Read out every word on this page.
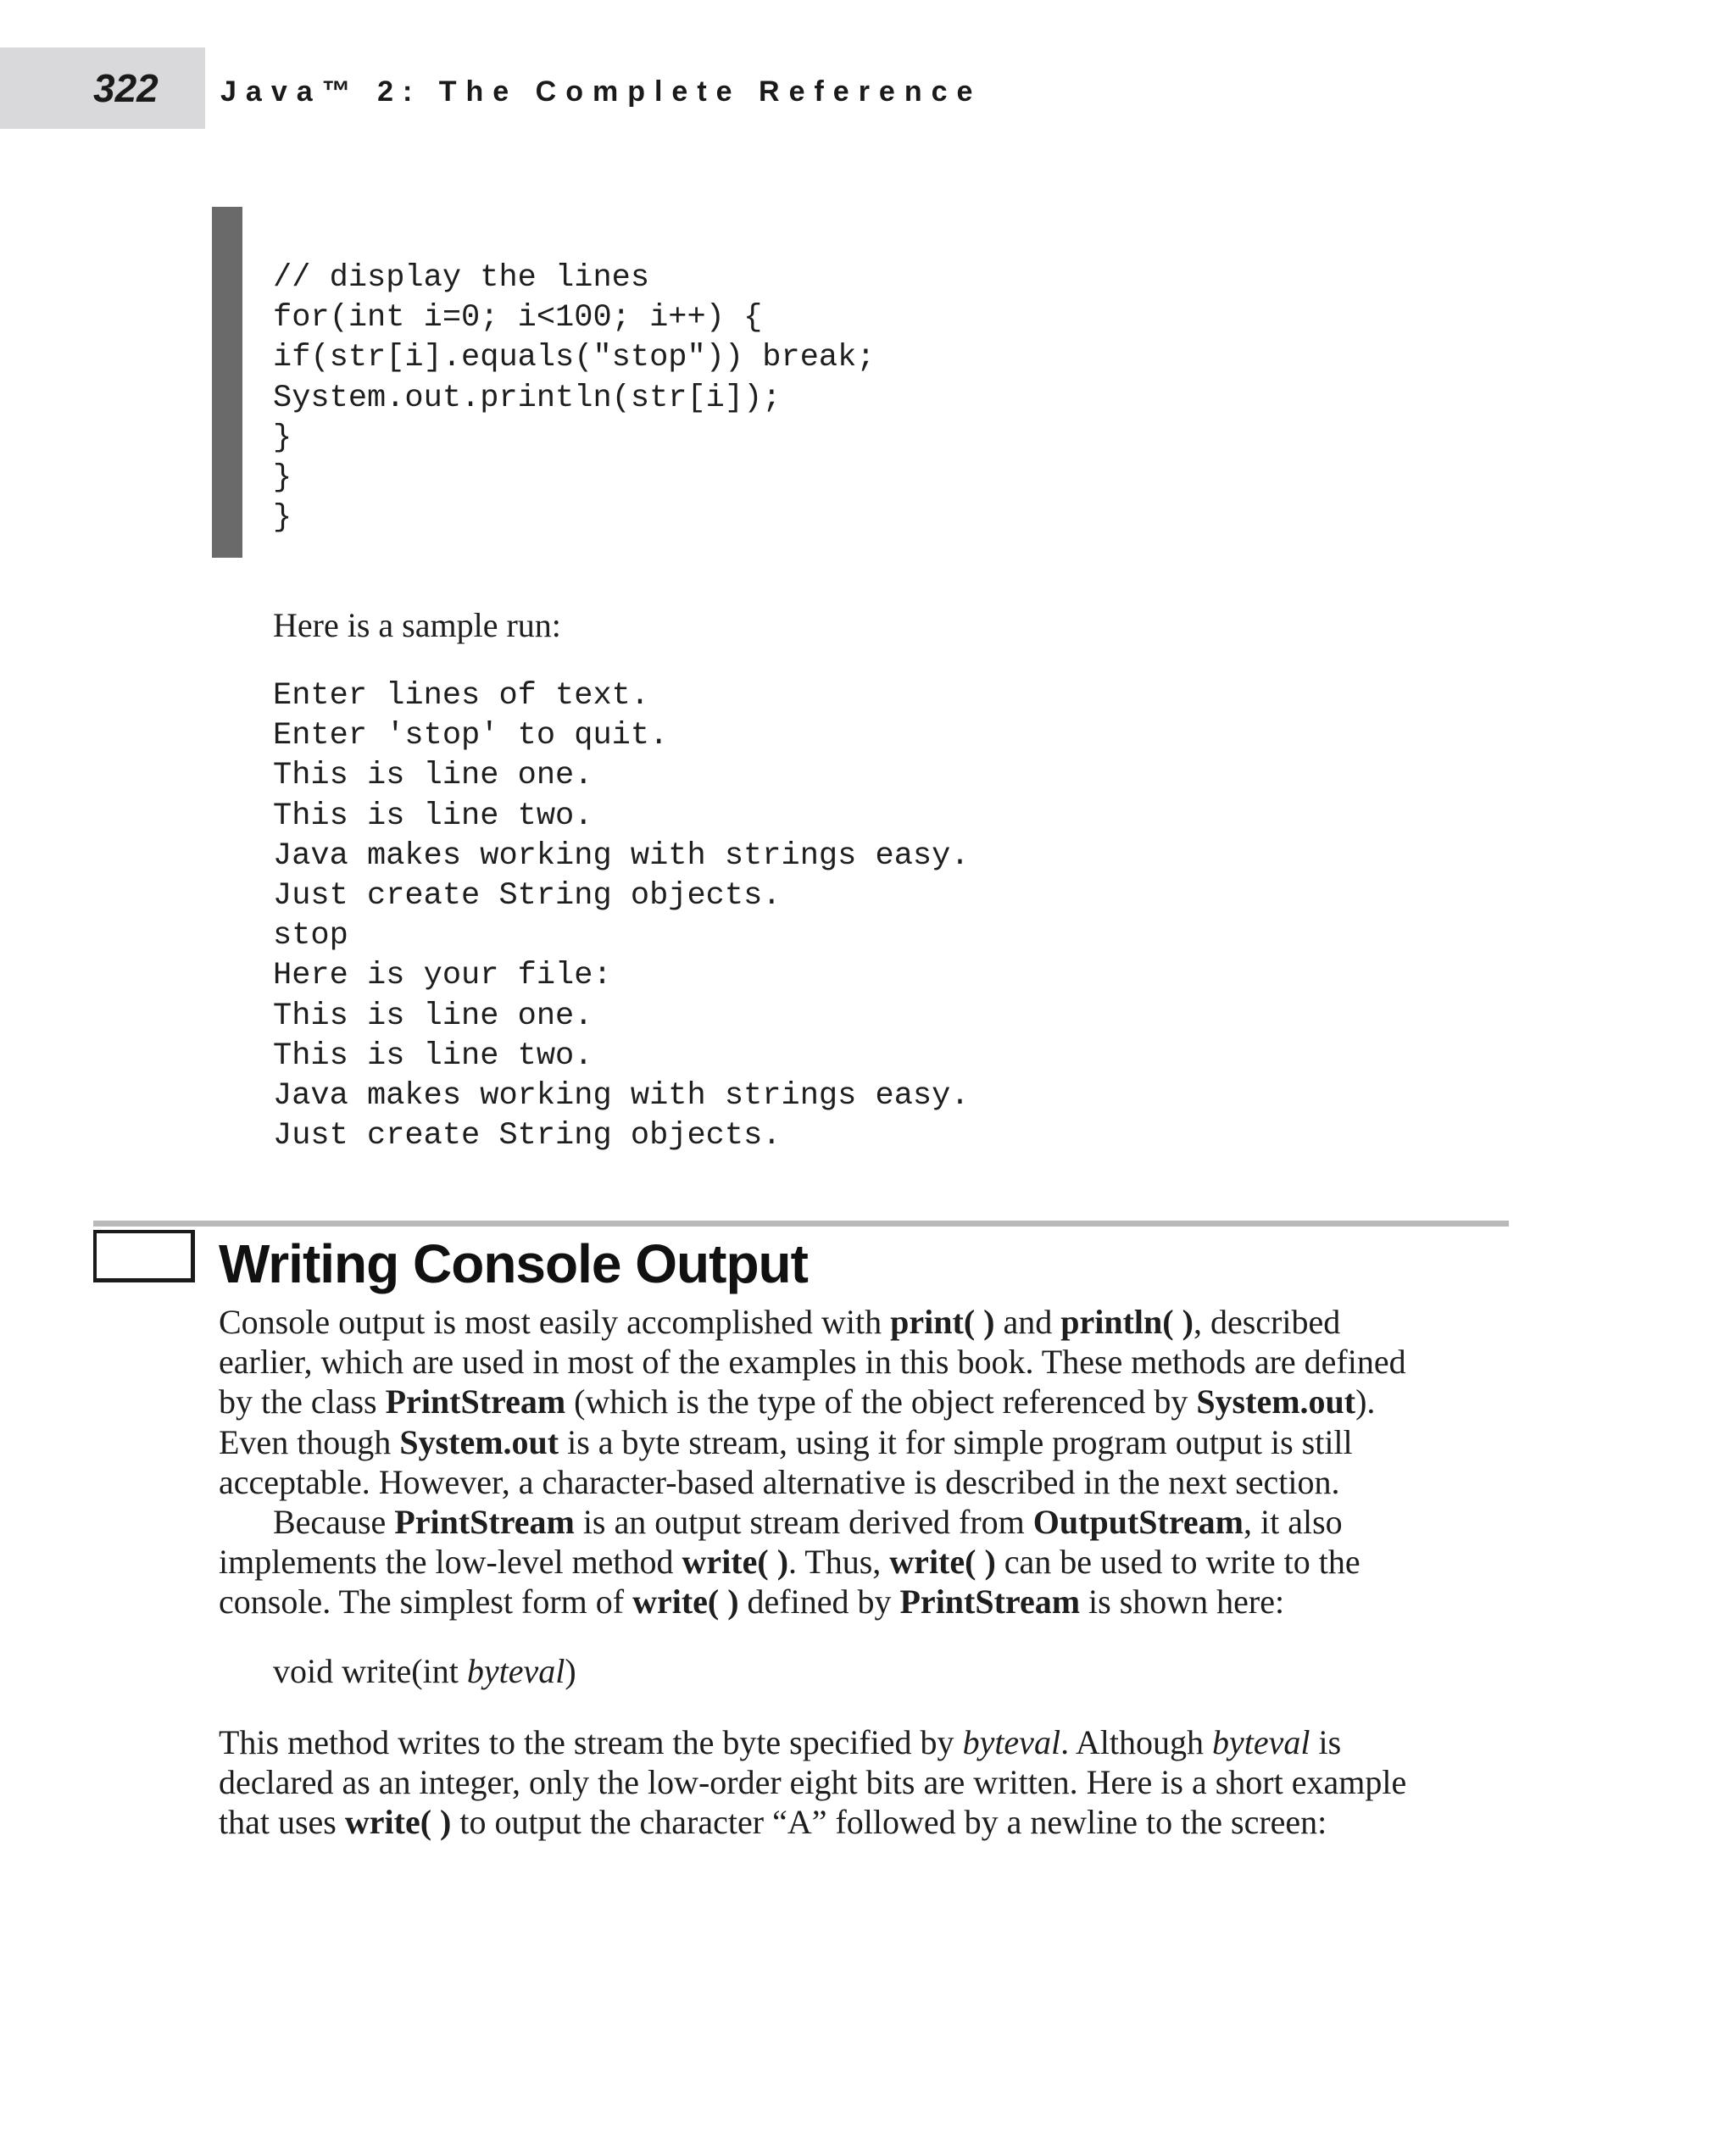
322 Java™ 2: The Complete Reference
// display the lines
for(int i=0; i<100; i++) {
if(str[i].equals("stop")) break;
System.out.println(str[i]);
}
}
}

Here is a sample run:

Enter lines of text.
Enter 'stop' to quit.
This is line one.
This is line two.
Java makes working with strings easy.
Just create String objects.
stop
Here is your file:
This is line one.
This is line two.
Java makes working with strings easy.
Just create String objects.
Writing Console Output

Console output is most easily accomplished with print( ) and println( ), described
earlier, which are used in most of the examples in this book. These methods are defined
by the class PrintStream (which is the type of the object referenced by System.out).
Even though System.out is a byte stream, using it for simple program output is still
acceptable. However, a character-based alternative is described in the next section.

Because PrintStream is an output stream derived from OutputStream, it also
implements the low-level method write( ). Thus, write( ) can be used to write to the
console. The simplest form of write( ) defined by PrintStream is shown here:

void write(int byteval)

This method writes to the stream the byte specified by byteval. Although byteval is
declared as an integer, only the low-order eight bits are written. Here is a short example
that uses write( ) to output the character “A” followed by a newline to the screen:
